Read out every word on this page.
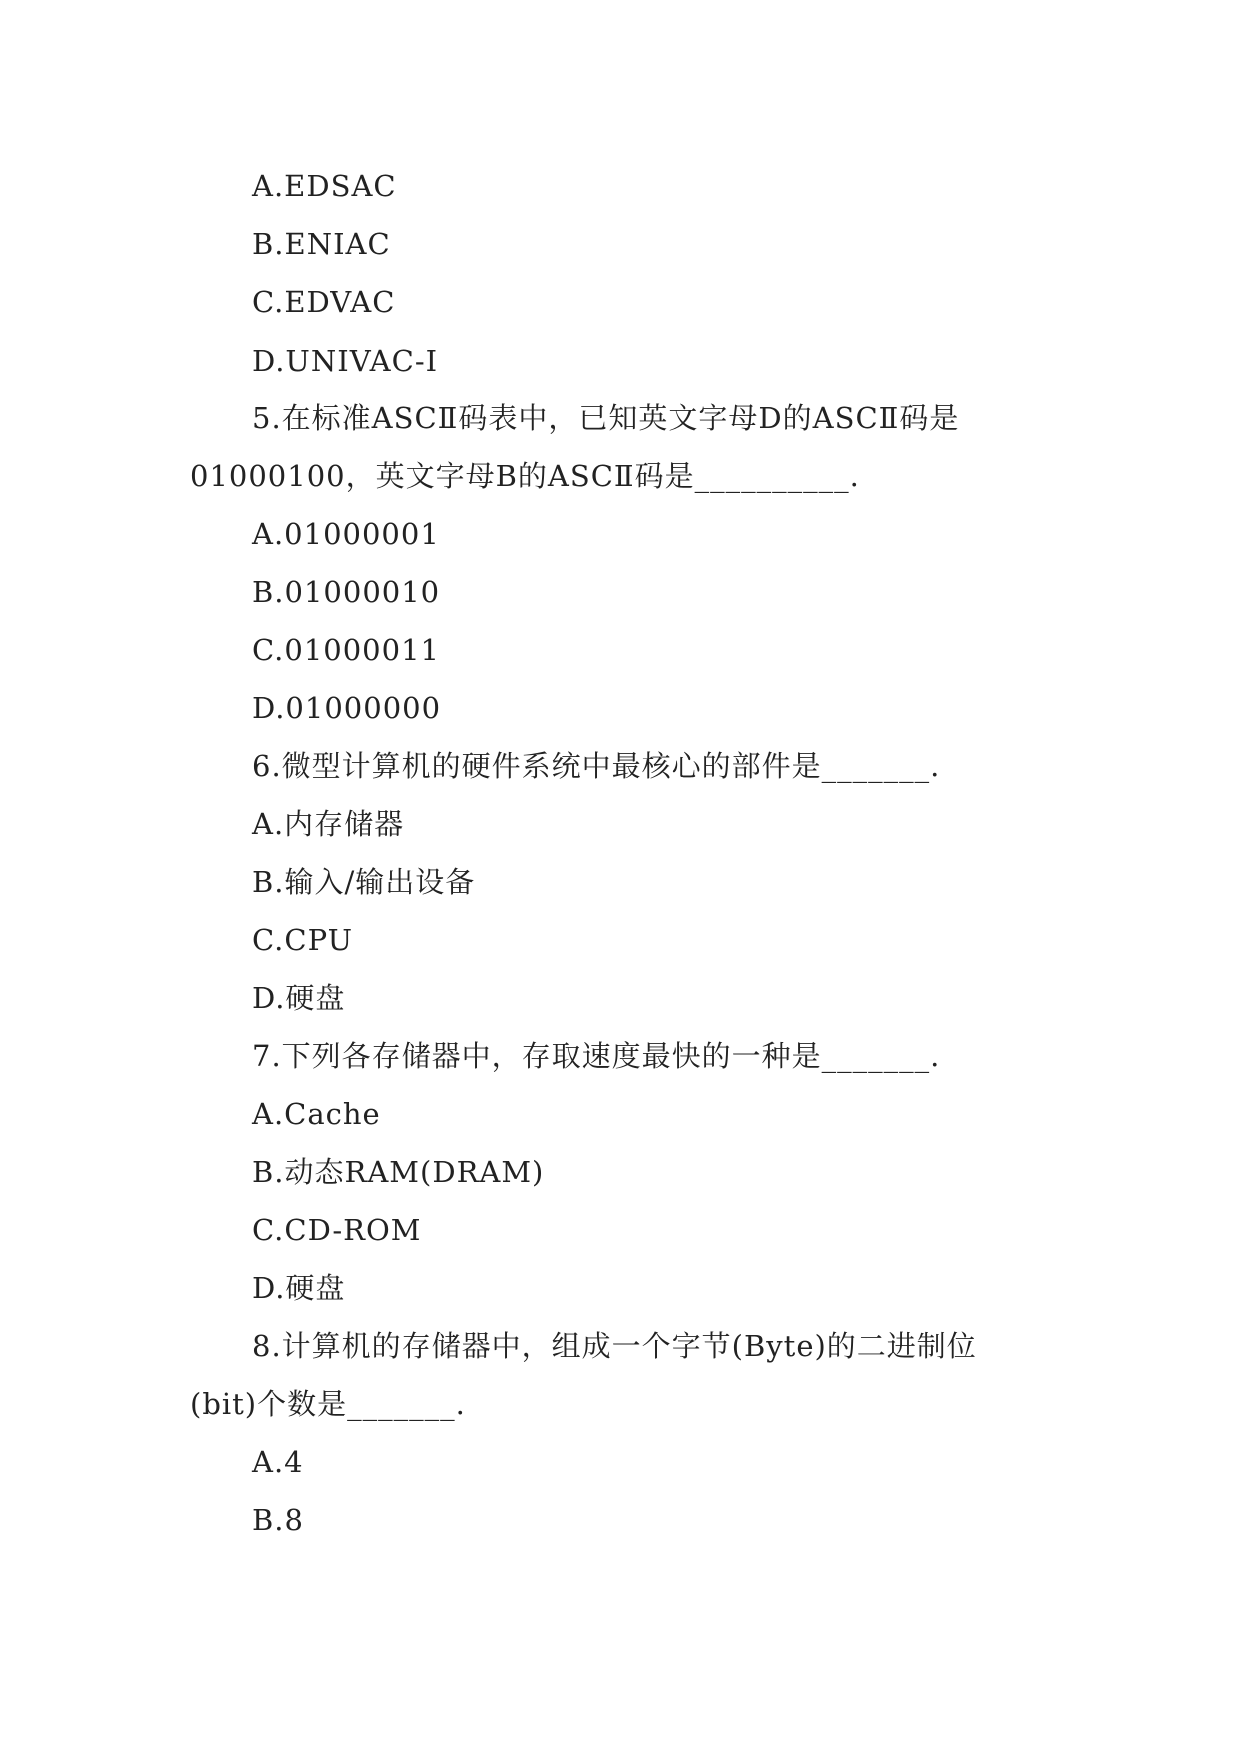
A.EDSAC
B.ENIAC
C.EDVAC
D.UNIVAC-I
5.在标准ASCⅡ码表中，已知英文字母D的ASCⅡ码是
01000100，英文字母B的ASCⅡ码是__________.
A.01000001
B.01000010
C.01000011
D.01000000
6.微型计算机的硬件系统中最核心的部件是_______.
A.内存储器
B.输入/输出设备
C.CPU
D.硬盘
7.下列各存储器中，存取速度最快的一种是_______.
A.Cache
B.动态RAM(DRAM)
C.CD-ROM
D.硬盘
8.计算机的存储器中，组成一个字节(Byte)的二进制位
(bit)个数是_______.
A.4
B.8
